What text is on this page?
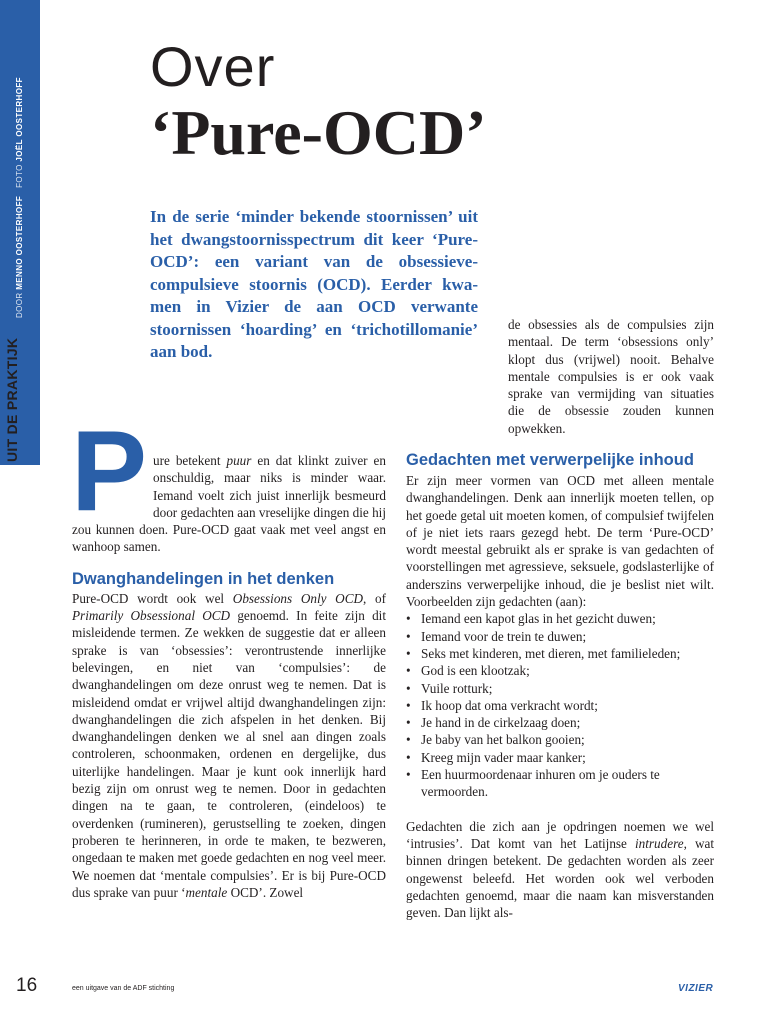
DOOR MENNO OOSTERHOFF   FOTO JOËL OOSTERHOFF
Over
‘Pure-OCD’
In de serie ‘minder bekende stoornissen’ uit het dwangstoornisspectrum dit keer ‘Pure-OCD’: een variant van de obsessieve-compulsieve stoornis (OCD). Eerder kwamen in Vizier de aan OCD verwante stoornissen ‘hoarding’ en ‘trichotillomanie’ aan bod.

de obsessies als de compulsies zijn mentaal. De term ‘obsessions only’ klopt dus (vrijwel) nooit. Behalve mentale compulsies is er ook vaak sprake van vermijding van situaties die de obsessie zouden kunnen opwekken.

Pure betekent puur en dat klinkt zuiver en onschuldig, maar niks is minder waar. Iemand voelt zich juist innerlijk besmeurd door gedachten aan vreselijke dingen die hij zou kunnen doen. Pure-OCD gaat vaak met veel angst en wanhoop samen.

Dwanghandelingen in het denken

Pure-OCD wordt ook wel Obsessions Only OCD, of Primarily Obsessional OCD genoemd. In feite zijn dit misleidende termen. Ze wekken de suggestie dat er alleen sprake is van ‘obsessies’: verontrustende innerlijke belevingen, en niet van ‘compulsies’: de dwanghandelingen om deze onrust weg te nemen. Dat is misleidend omdat er vrijwel altijd dwanghandelingen zijn: dwanghandelingen die zich afspelen in het denken. Bij dwanghandelingen denken we al snel aan dingen zoals controleren, schoonmaken, ordenen en dergelijke, dus uiterlijke handelingen. Maar je kunt ook innerlijk hard bezig zijn om onrust weg te nemen. Door in gedachten dingen na te gaan, te controleren, (eindeloos) te overdenken (rumineren), gerustselling te zoeken, dingen proberen te herinneren, in orde te maken, te bezweren, ongedaan te maken met goede gedachten en nog veel meer. We noemen dat ‘mentale compulsies’. Er is bij Pure-OCD dus sprake van puur ‘mentale OCD’. Zowel

Gedachten met verwerpelijke inhoud

Er zijn meer vormen van OCD met alleen mentale dwanghandelingen. Denk aan innerlijk moeten tellen, op het goede getal uit moeten komen, of compulsief twijfelen of je niet iets raars gezegd hebt. De term ‘Pure-OCD’ wordt meestal gebruikt als er sprake is van gedachten of voorstellingen met agressieve, seksuele, godslasterlijke of anderszins verwerpelijke inhoud, die je beslist niet wilt. Voorbeelden zijn gedachten (aan):

• Iemand een kapot glas in het gezicht duwen;
• Iemand voor de trein te duwen;
• Seks met kinderen, met dieren, met familieleden;
• God is een klootzak;
• Vuile rotturk;
• Ik hoop dat oma verkracht wordt;
• Je hand in de cirkelzaag doen;
• Je baby van het balkon gooien;
• Kreeg mijn vader maar kanker;
• Een huurmoordenaar inhuren om je ouders te vermoorden.

Gedachten die zich aan je opdringen noemen we wel ‘intrusies’. Dat komt van het Latijnse intrudere, wat binnen dringen betekent. De gedachten worden als zeer ongewenst beleefd. Het worden ook wel verboden gedachten genoemd, maar die naam kan misverstanden geven. Dan lijkt als-

16	een uitgave van de ADF stichting	VIZIER
